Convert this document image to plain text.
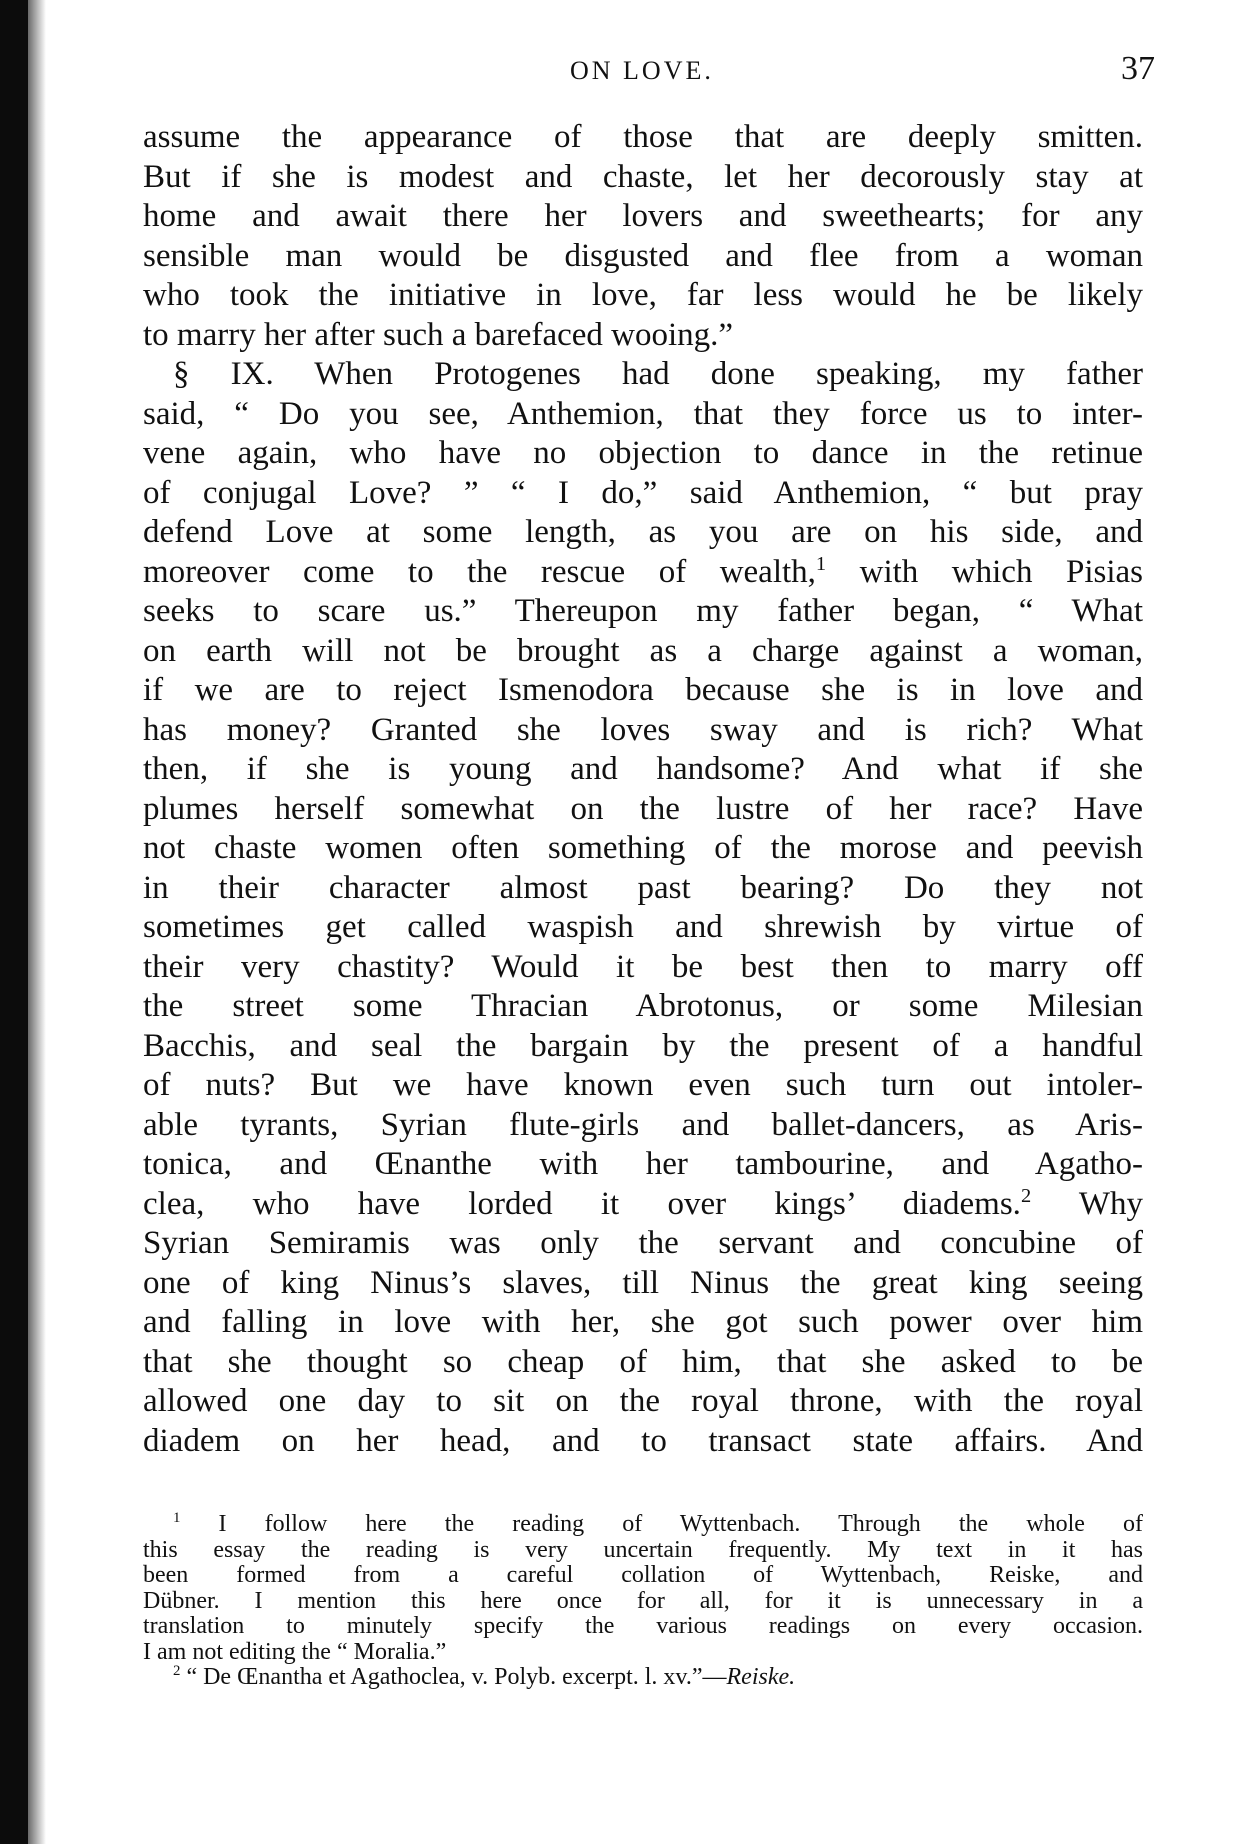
ON LOVE.	37
assume the appearance of those that are deeply smitten.
But if she is modest and chaste, let her decorously stay at
home and await there her lovers and sweethearts; for any
sensible man would be disgusted and flee from a woman
who took the initiative in love, far less would he be likely
to marry her after such a barefaced wooing.”
§ IX. When Protogenes had done speaking, my father
said, “ Do you see, Anthemion, that they force us to inter-
vene again, who have no objection to dance in the retinue
of conjugal Love? ” “ I do,” said Anthemion, “ but pray
defend Love at some length, as you are on his side, and
moreover come to the rescue of wealth,$^1$ with which Pisias
seeks to scare us.” Thereupon my father began, “ What
on earth will not be brought as a charge against a woman,
if we are to reject Ismenodora because she is in love and
has money? Granted she loves sway and is rich? What
then, if she is young and handsome? And what if she
plumes herself somewhat on the lustre of her race? Have
not chaste women often something of the morose and peevish
in their character almost past bearing? Do they not
sometimes get called waspish and shrewish by virtue of
their very chastity? Would it be best then to marry off
the street some Thracian Abrotonus, or some Milesian
Bacchis, and seal the bargain by the present of a handful
of nuts? But we have known even such turn out intoler-
able tyrants, Syrian flute-girls and ballet-dancers, as Aris-
tonica, and Œnanthe with her tambourine, and Agatho-
clea, who have lorded it over kings’ diadems.$^2$ Why
Syrian Semiramis was only the servant and concubine of
one of king Ninus’s slaves, till Ninus the great king seeing
and falling in love with her, she got such power over him
that she thought so cheap of him, that she asked to be
allowed one day to sit on the royal throne, with the royal
diadem on her head, and to transact state affairs. And
$^1$ I follow here the reading of Wyttenbach. Through the whole of
this essay the reading is very uncertain frequently. My text in it has
been formed from a careful collation of Wyttenbach, Reiske, and
Dübner. I mention this here once for all, for it is unnecessary in a
translation to minutely specify the various readings on every occasion.
I am not editing the “ Moralia.”
$^2$ “ De Œnantha et Agathoclea, v. Polyb. excerpt. l. xv.”—Reiske.
